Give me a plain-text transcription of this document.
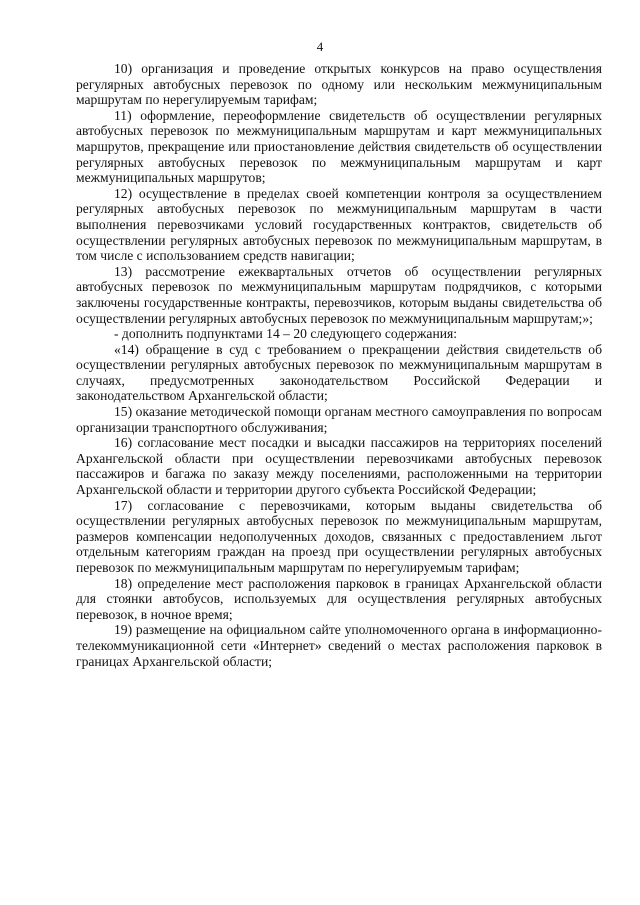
4

10) организация и проведение открытых конкурсов на право осуществления регулярных автобусных перевозок по одному или нескольким межмуниципальным маршрутам по нерегулируемым тарифам;

11) оформление, переоформление свидетельств об осуществлении регулярных автобусных перевозок по межмуниципальным маршрутам и карт межмуниципальных маршрутов, прекращение или приостановление действия свидетельств об осуществлении регулярных автобусных перевозок по межмуниципальным маршрутам и карт межмуниципальных маршрутов;

12) осуществление в пределах своей компетенции контроля за осуществлением регулярных автобусных перевозок по межмуниципальным маршрутам в части выполнения перевозчиками условий государственных контрактов, свидетельств об осуществлении регулярных автобусных перевозок по межмуниципальным маршрутам, в том числе с использованием средств навигации;

13) рассмотрение ежеквартальных отчетов об осуществлении регулярных автобусных перевозок по межмуниципальным маршрутам подрядчиков, с которыми заключены государственные контракты, перевозчиков, которым выданы свидетельства об осуществлении регулярных автобусных перевозок по межмуниципальным маршрутам;»;

- дополнить подпунктами 14 – 20 следующего содержания:

«14) обращение в суд с требованием о прекращении действия свидетельств об осуществлении регулярных автобусных перевозок по межмуниципальным маршрутам в случаях, предусмотренных законодательством Российской Федерации и законодательством Архангельской области;

15) оказание методической помощи органам местного самоуправления по вопросам организации транспортного обслуживания;

16) согласование мест посадки и высадки пассажиров на территориях поселений Архангельской области при осуществлении перевозчиками автобусных перевозок пассажиров и багажа по заказу между поселениями, расположенными на территории Архангельской области и территории другого субъекта Российской Федерации;

17) согласование с перевозчиками, которым выданы свидетельства об осуществлении регулярных автобусных перевозок по межмуниципальным маршрутам, размеров компенсации недополученных доходов, связанных с предоставлением льгот отдельным категориям граждан на проезд при осуществлении регулярных автобусных перевозок по межмуниципальным маршрутам по нерегулируемым тарифам;

18) определение мест расположения парковок в границах Архангельской области для стоянки автобусов, используемых для осуществления регулярных автобусных перевозок, в ночное время;

19) размещение на официальном сайте уполномоченного органа в информационно-телекоммуникационной сети «Интернет» сведений о местах расположения парковок в границах Архангельской области;
